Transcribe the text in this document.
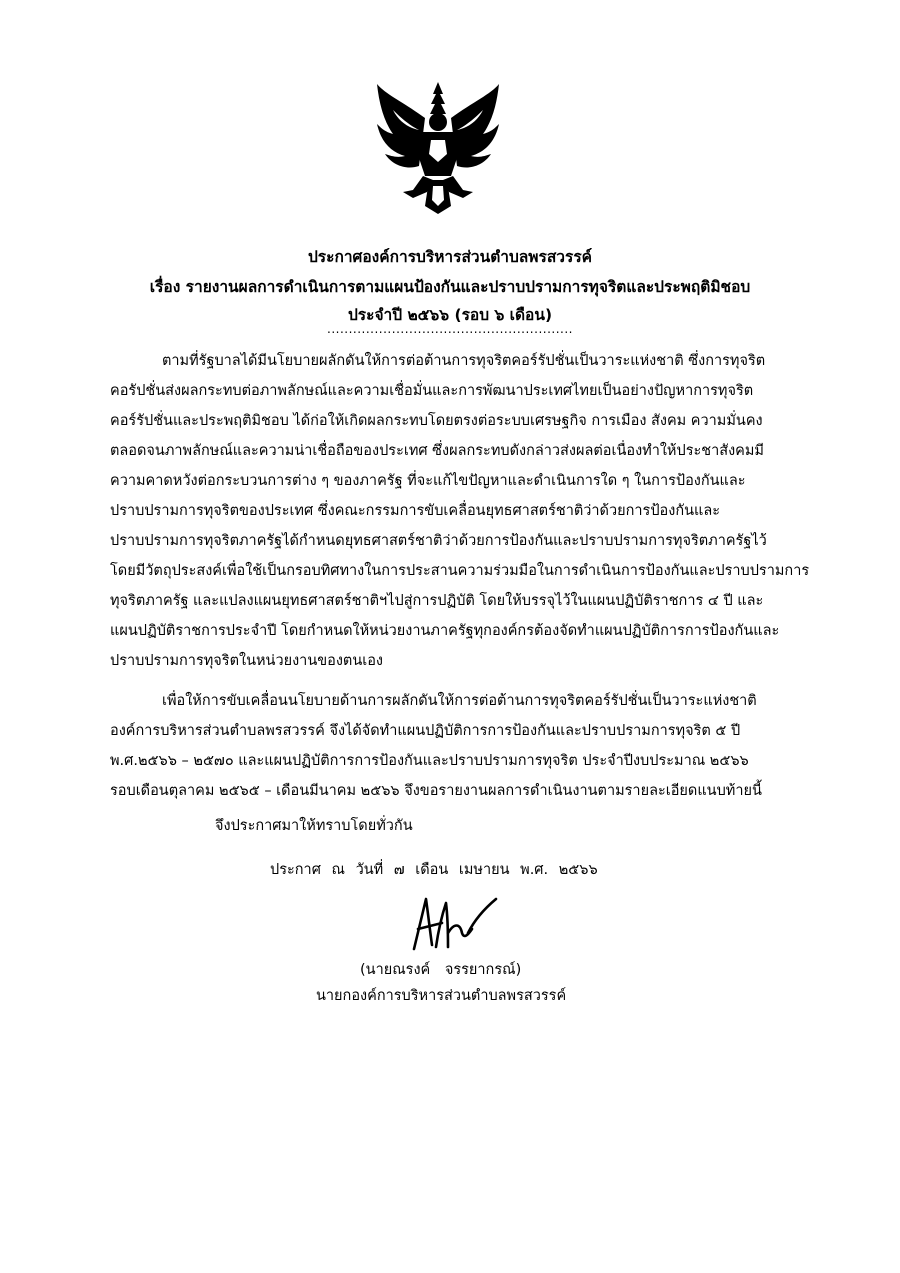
ประกาศองค์การบริหารส่วนตำบลพรสวรรค์
เรื่อง รายงานผลการดำเนินการตามแผนป้องกันและปราบปรามการทุจริตและประพฤติมิชอบ
ประจำปี ๒๕๖๖ (รอบ ๖ เดือน)
.........................................................
ตามที่รัฐบาลได้มีนโยบายผลักดันให้การต่อต้านการทุจริตคอร์รัปชั่นเป็นวาระแห่งชาติ ซึ่งการทุจริต
คอรัปชั่นส่งผลกระทบต่อภาพลักษณ์และความเชื่อมั่นและการพัฒนาประเทศไทยเป็นอย่างปัญหาการทุจริต
คอร์รัปชั่นและประพฤติมิชอบ ได้ก่อให้เกิดผลกระทบโดยตรงต่อระบบเศรษฐกิจ การเมือง สังคม ความมั่นคง
ตลอดจนภาพลักษณ์และความน่าเชื่อถือของประเทศ ซึ่งผลกระทบดังกล่าวส่งผลต่อเนื่องทำให้ประชาสังคมมี
ความคาดหวังต่อกระบวนการต่าง ๆ ของภาครัฐ ที่จะแก้ไขปัญหาและดำเนินการใด ๆ ในการป้องกันและ
ปราบปรามการทุจริตของประเทศ ซึ่งคณะกรรมการขับเคลื่อนยุทธศาสตร์ชาติว่าด้วยการป้องกันและ
ปราบปรามการทุจริตภาครัฐได้กำหนดยุทธศาสตร์ชาติว่าด้วยการป้องกันและปราบปรามการทุจริตภาครัฐไว้
โดยมีวัตถุประสงค์เพื่อใช้เป็นกรอบทิศทางในการประสานความร่วมมือในการดำเนินการป้องกันและปราบปรามการ
ทุจริตภาครัฐ และแปลงแผนยุทธศาสตร์ชาติฯไปสู่การปฏิบัติ โดยให้บรรจุไว้ในแผนปฏิบัติราชการ ๔ ปี และ
แผนปฏิบัติราชการประจำปี โดยกำหนดให้หน่วยงานภาครัฐทุกองค์กรต้องจัดทำแผนปฏิบัติการการป้องกันและ
ปราบปรามการทุจริตในหน่วยงานของตนเอง
เพื่อให้การขับเคลื่อนนโยบายด้านการผลักดันให้การต่อต้านการทุจริตคอร์รัปชั่นเป็นวาระแห่งชาติ
องค์การบริหารส่วนตำบลพรสวรรค์ จึงได้จัดทำแผนปฏิบัติการการป้องกันและปราบปรามการทุจริต ๕ ปี
พ.ศ.๒๕๖๖ – ๒๕๗๐ และแผนปฏิบัติการการป้องกันและปราบปรามการทุจริต ประจำปีงบประมาณ ๒๕๖๖
รอบเดือนตุลาคม ๒๕๖๕ – เดือนมีนาคม ๒๕๖๖ จึงขอรายงานผลการดำเนินงานตามรายละเอียดแนบท้ายนี้
จึงประกาศมาให้ทราบโดยทั่วกัน
ประกาศ ณ วันที่ ๗ เดือน เมษายน พ.ศ. ๒๕๖๖
(นายณรงค์ จรรยากรณ์)
นายกองค์การบริหารส่วนตำบลพรสวรรค์
